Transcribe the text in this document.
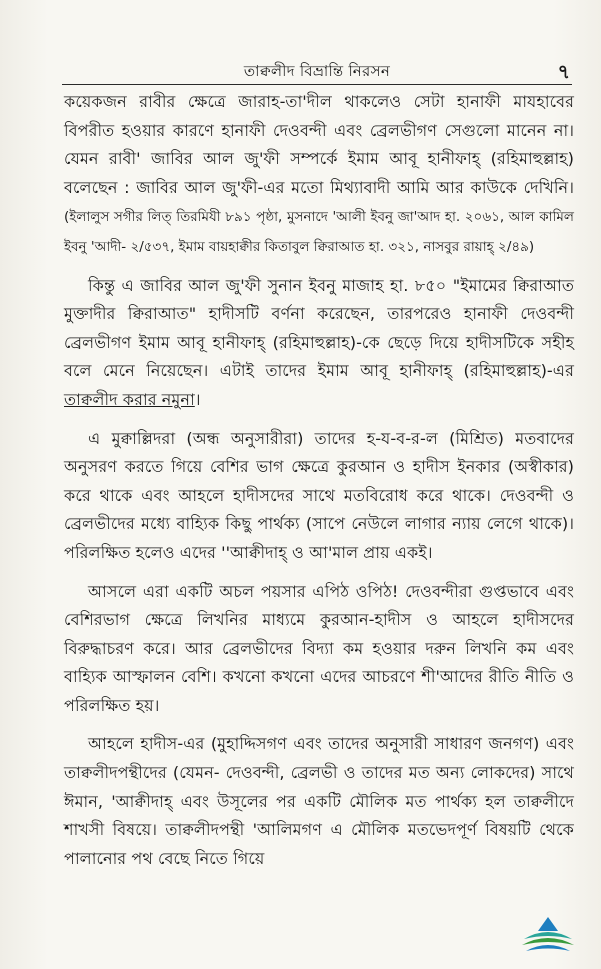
তাক্বলীদ বিভ্রান্তি নিরসন	৭

কয়েকজন রাবীর ক্ষেত্রে জারাহ-তা'দীল থাকলেও সেটা হানাফী মাযহাবের বিপরীত হওয়ার কারণে হানাফী দেওবন্দী এবং ব্রেলভীগণ সেগুলো মানেন না। যেমন রাবী' জাবির আল জু'ফী সম্পর্কে ইমাম আবূ হানীফাহ্ (রহিমাহুল্লাহ) বলেছেন : জাবির আল জু'ফী-এর মতো মিথ্যাবাদী আমি আর কাউকে দেখিনি। (ইলালুস সগীর লিত্ তিরমিযী ৮৯১ পৃষ্ঠা, মুসনাদে 'আলী ইবনু জা'আদ হা. ২০৬১, আল কামিল ইবনু 'আদী- ২/৫৩৭, ইমাম বায়হাক্বীর কিতাবুল ক্বিরাআত হা. ৩২১, নাসবুর রায়াহ্ ২/৪৯)

কিন্তু এ জাবির আল জু'ফী সুনান ইবনু মাজাহ হা. ৮৫০ "ইমামের ক্বিরাআত মুক্তাদীর ক্বিরাআত" হাদীসটি বর্ণনা করেছেন, তারপরেও হানাফী দেওবন্দী ব্রেলভীগণ ইমাম আবূ হানীফাহ্ (রহিমাহুল্লাহ)-কে ছেড়ে দিয়ে হাদীসটিকে সহীহ বলে মেনে নিয়েছেন। এটাই তাদের ইমাম আবূ হানীফাহ্ (রহিমাহুল্লাহ)-এর তাক্বলীদ করার নমুনা।

এ মুক্বাল্লিদরা (অন্ধ অনুসারীরা) তাদের হ-য-ব-র-ল (মিশ্রিত) মতবাদের অনুসরণ করতে গিয়ে বেশির ভাগ ক্ষেত্রে কুরআন ও হাদীস ইনকার (অস্বীকার) করে থাকে এবং আহলে হাদীসদের সাথে মতবিরোধ করে থাকে। দেওবন্দী ও ব্রেলভীদের মধ্যে বাহ্যিক কিছু পার্থক্য (সাপে নেউলে লাগার ন্যায় লেগে থাকে)। পরিলক্ষিত হলেও এদের ''আক্বীদাহ্ ও আ'মাল প্রায় একই।

আসলে এরা একটি অচল পয়সার এপিঠ ওপিঠ! দেওবন্দীরা গুপ্তভাবে এবং বেশিরভাগ ক্ষেত্রে লিখনির মাধ্যমে কুরআন-হাদীস ও আহলে হাদীসদের বিরুদ্ধাচরণ করে। আর ব্রেলভীদের বিদ্যা কম হওয়ার দরুন লিখনি কম এবং বাহ্যিক আস্ফালন বেশি। কখনো কখনো এদের আচরণে শী'আদের রীতি নীতি ও পরিলক্ষিত হয়।

আহলে হাদীস-এর (মুহাদ্দিসগণ এবং তাদের অনুসারী সাধারণ জনগণ) এবং তাক্বলীদপন্থীদের (যেমন- দেওবন্দী, ব্রেলভী ও তাদের মত অন্য লোকদের) সাথে ঈমান, 'আক্বীদাহ্ এবং উসূলের পর একটি মৌলিক মত পার্থক্য হল তাক্বলীদে শাখসী বিষয়ে। তাক্বলীদপন্থী 'আলিমগণ এ মৌলিক মতভেদপূর্ণ বিষয়টি থেকে পালানোর পথ বেছে নিতে গিয়ে
